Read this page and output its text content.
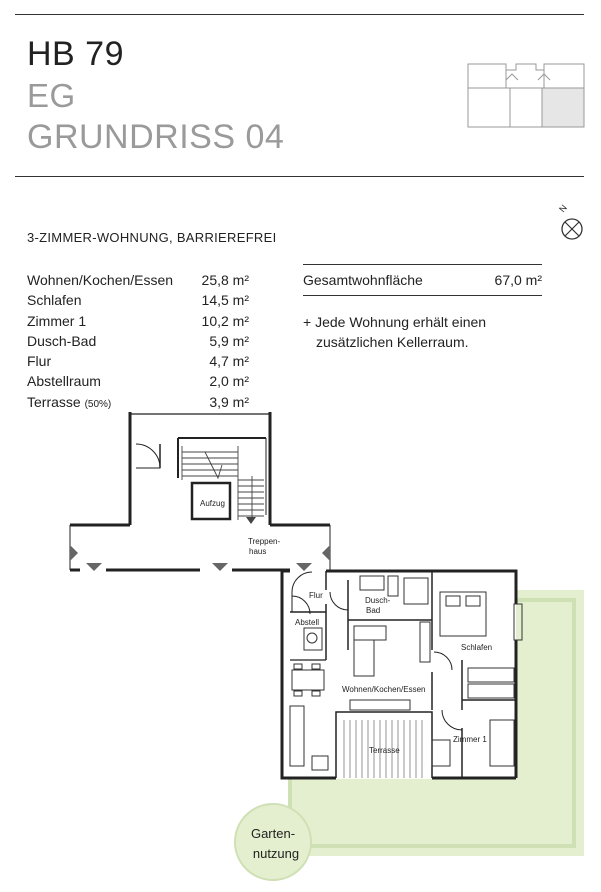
HB 79
EG
GRUNDRISS 04
3-ZIMMER-WOHNUNG, BARRIEREFREI
Wohnen/Kochen/Essen 25,8 m²
Schlafen	14,5 m²
Zimmer 1	10,2 m²
Dusch-Bad	5,9 m²
Flur	4,7 m²
Abstellraum	2,0 m²
Terrasse (50%)	3,9 m²
Gesamtwohnfläche	67,0 m²
+ Jede Wohnung erhält einen
zusätzlichen Kellerraum.
N
Aufzug
Treppen-
haus
Flur
Dusch-
Bad
Abstell
Schlafen
Wohnen/Kochen/Essen
Terrasse
Zimmer 1
Garten-
nutzung
